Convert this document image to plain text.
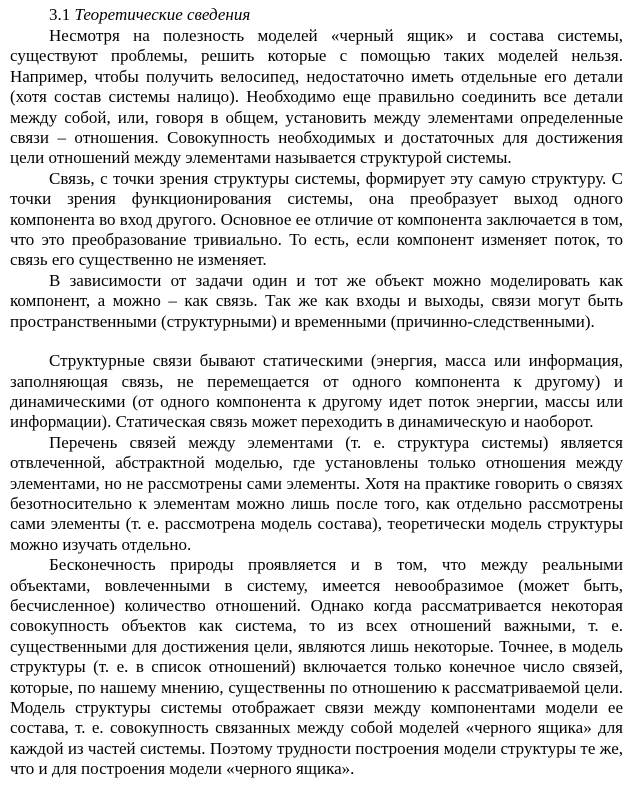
3.1 Теоретические сведения

Несмотря на полезность моделей «черный ящик» и состава системы, существуют проблемы, решить которые с помощью таких моделей нельзя. Например, чтобы получить велосипед, недостаточно иметь отдельные его детали (хотя состав системы налицо). Необходимо еще правильно соединить все детали между собой, или, говоря в общем, установить между элементами определенные связи – отношения. Совокупность необходимых и достаточных для достижения цели отношений между элементами называется структурой системы.

Связь, с точки зрения структуры системы, формирует эту самую структуру. С точки зрения функционирования системы, она преобразует выход одного компонента во вход другого. Основное ее отличие от компонента заключается в том, что это преобразование тривиально. То есть, если компонент изменяет поток, то связь его существенно не изменяет.

В зависимости от задачи один и тот же объект можно моделировать как компонент, а можно – как связь. Так же как входы и выходы, связи могут быть пространственными (структурными) и временными (причинно-следственными).

Структурные связи бывают статическими (энергия, масса или информация, заполняющая связь, не перемещается от одного компонента к другому) и динамическими (от одного компонента к другому идет поток энергии, массы или информации). Статическая связь может переходить в динамическую и наоборот.

Перечень связей между элементами (т. е. структура системы) является отвлеченной, абстрактной моделью, где установлены только отношения между элементами, но не рассмотрены сами элементы. Хотя на практике говорить о связях безотносительно к элементам можно лишь после того, как отдельно рассмотрены сами элементы (т. е. рассмотрена модель состава), теоретически модель структуры можно изучать отдельно.

Бесконечность природы проявляется и в том, что между реальными объектами, вовлеченными в систему, имеется невообразимое (может быть, бесчисленное) количество отношений. Однако когда рассматривается некоторая совокупность объектов как система, то из всех отношений важными, т. е. существенными для достижения цели, являются лишь некоторые. Точнее, в модель структуры (т. е. в список отношений) включается только конечное число связей, которые, по нашему мнению, существенны по отношению к рассматриваемой цели. Модель структуры системы отображает связи между компонентами модели ее состава, т. е. совокупность связанных между собой моделей «черного ящика» для каждой из частей системы. Поэтому трудности построения модели структуры те же, что и для построения модели «черного ящика».
